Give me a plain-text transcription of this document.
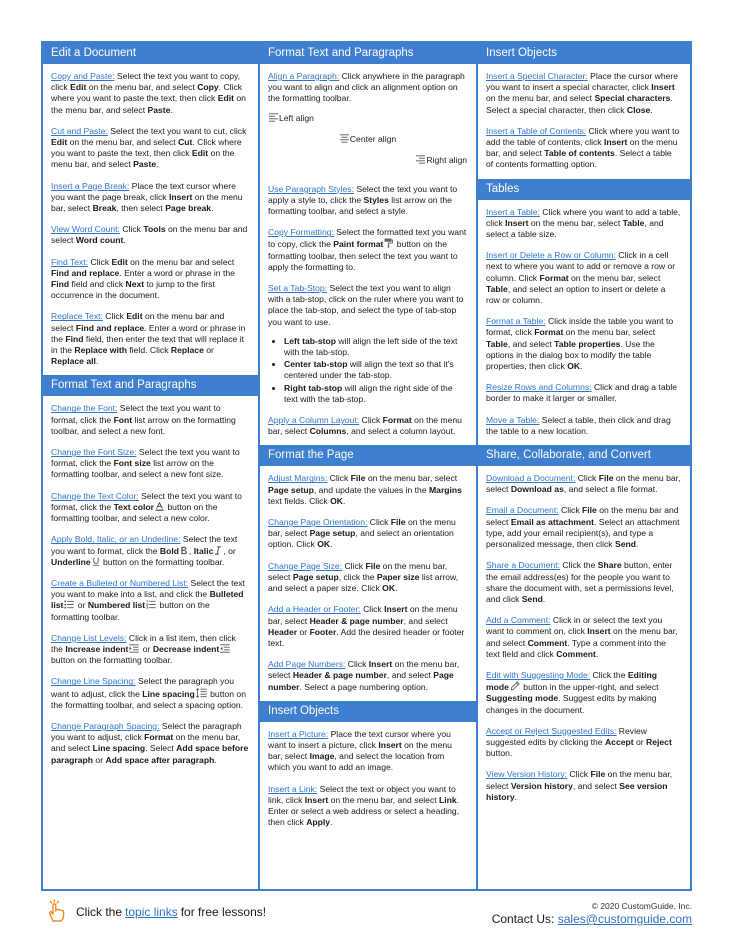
Edit a Document

Copy and Paste: Select the text you want to copy, click Edit on the menu bar, and select Copy. Click where you want to paste the text, then click Edit on the menu bar, and select Paste.

Cut and Paste: Select the text you want to cut, click Edit on the menu bar, and select Cut. Click where you want to paste the text, then click Edit on the menu bar, and select Paste.

Insert a Page Break: Place the text cursor where you want the page break, click Insert on the menu bar, select Break, then select Page break.

View Word Count: Click Tools on the menu bar and select Word count.

Find Text: Click Edit on the menu bar and select Find and replace. Enter a word or phrase in the Find field and click Next to jump to the first occurrence in the document.

Replace Text: Click Edit on the menu bar and select Find and replace. Enter a word or phrase in the Find field, then enter the text that will replace it in the Replace with field. Click Replace or Replace all.

Format Text and Paragraphs

Change the Font: Select the text you want to format, click the Font list arrow on the formatting toolbar, and select a new font.

Change the Font Size: Select the text you want to format, click the Font size list arrow on the formatting toolbar, and select a new font size.

Change the Text Color: Select the text you want to format, click the Text color button on the formatting toolbar, and select a new color.

Apply Bold, Italic, or an Underline: Select the text you want to format, click the Bold , Italic , or Underline button on the formatting toolbar.

Create a Bulleted or Numbered List: Select the text you want to make into a list, and click the Bulleted list or Numbered list button on the formatting toolbar.

Change List Levels: Click in a list item, then click the Increase indent or Decrease indent button on the formatting toolbar.

Change Line Spacing: Select the paragraph you want to adjust, click the Line spacing button on the formatting toolbar, and select a spacing option.

Change Paragraph Spacing: Select the paragraph you want to adjust, click Format on the menu bar, and select Line spacing. Select Add space before paragraph or Add space after paragraph.

Format Text and Paragraphs

Align a Paragraph: Click anywhere in the paragraph you want to align and click an alignment option on the formatting toolbar.

Left align
Center align
Right align

Use Paragraph Styles: Select the text you want to apply a style to, click the Styles list arrow on the formatting toolbar, and select a style.

Copy Formatting: Select the formatted text you want to copy, click the Paint format button on the formatting toolbar, then select the text you want to apply the formatting to.

Set a Tab-Stop: Select the text you want to align with a tab-stop, click on the ruler where you want to place the tab-stop, and select the type of tab-stop you want to use.

• Left tab-stop will align the left side of the text with the tab-stop.
• Center tab-stop will align the text so that it's centered under the tab-stop.
• Right tab-stop will align the right side of the text with the tab-stop.

Apply a Column Layout: Click Format on the menu bar, select Columns, and select a column layout.

Format the Page

Adjust Margins: Click File on the menu bar, select Page setup, and update the values in the Margins text fields. Click OK.

Change Page Orientation: Click File on the menu bar, select Page setup, and select an orientation option. Click OK.

Change Page Size: Click File on the menu bar, select Page setup, click the Paper size list arrow, and select a paper size. Click OK.

Add a Header or Footer: Click Insert on the menu bar, select Header & page number, and select Header or Footer. Add the desired header or footer text.

Add Page Numbers: Click Insert on the menu bar, select Header & page number, and select Page number. Select a page numbering option.

Insert Objects

Insert a Picture: Place the text cursor where you want to insert a picture, click Insert on the menu bar, select Image, and select the location from which you want to add an image.

Insert a Link: Select the text or object you want to link, click Insert on the menu bar, and select Link. Enter or select a web address or select a heading, then click Apply.

Insert Objects

Insert a Special Character: Place the cursor where you want to insert a special character, click Insert on the menu bar, and select Special characters. Select a special character, then click Close.

Insert a Table of Contents: Click where you want to add the table of contents, click Insert on the menu bar, and select Table of contents. Select a table of contents formatting option.

Tables

Insert a Table: Click where you want to add a table, click Insert on the menu bar, select Table, and select a table size.

Insert or Delete a Row or Column: Click in a cell next to where you want to add or remove a row or column. Click Format on the menu bar, select Table, and select an option to insert or delete a row or column.

Format a Table: Click inside the table you want to format, click Format on the menu bar, select Table, and select Table properties. Use the options in the dialog box to modify the table properties, then click OK.

Resize Rows and Columns: Click and drag a table border to make it larger or smaller.

Move a Table: Select a table, then click and drag the table to a new location.

Share, Collaborate, and Convert

Download a Document: Click File on the menu bar, select Download as, and select a file format.

Email a Document: Click File on the menu bar and select Email as attachment. Select an attachment type, add your email recipient(s), and type a personalized message, then click Send.

Share a Document: Click the Share button, enter the email address(es) for the people you want to share the document with, set a permissions level, and click Send.

Add a Comment: Click in or select the text you want to comment on, click Insert on the menu bar, and select Comment. Type a comment into the text field and click Comment.

Edit with Suggesting Mode: Click the Editing mode button in the upper-right, and select Suggesting mode. Suggest edits by making changes in the document.

Accept or Reject Suggested Edits: Review suggested edits by clicking the Accept or Reject button.

View Version History: Click File on the menu bar, select Version history, and select See version history.

Click the topic links for free lessons!	© 2020 CustomGuide, Inc.
Contact Us: sales@customguide.com
